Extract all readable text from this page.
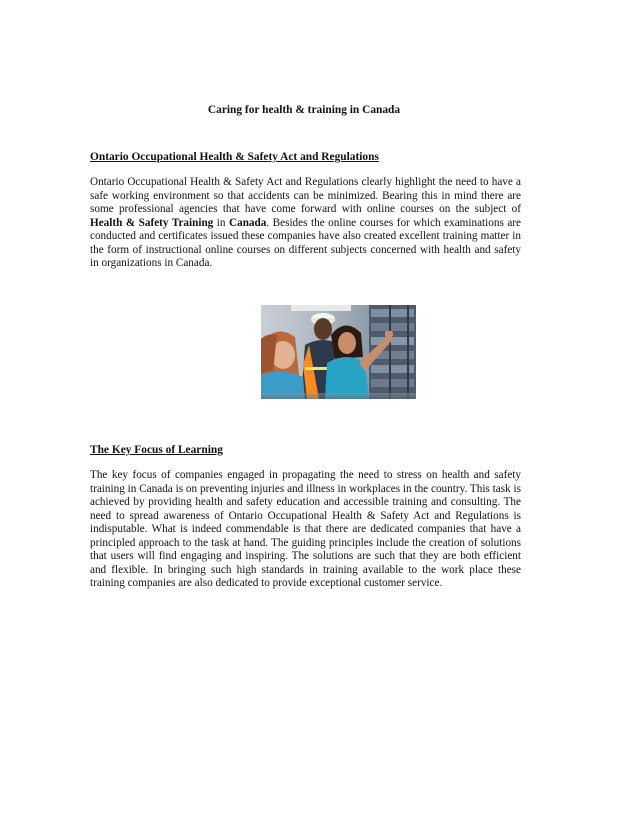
Caring for health & training in Canada
Ontario Occupational Health & Safety Act and Regulations

Ontario Occupational Health & Safety Act and Regulations clearly highlight the need to have a safe working environment so that accidents can be minimized. Bearing this in mind there are some professional agencies that have come forward with online courses on the subject of Health & Safety Training in Canada. Besides the online courses for which examinations are conducted and certificates issued these companies have also created excellent training matter in the form of instructional online courses on different subjects concerned with health and safety in organizations in Canada.

The Key Focus of Learning

The key focus of companies engaged in propagating the need to stress on health and safety training in Canada is on preventing injuries and illness in workplaces in the country. This task is achieved by providing health and safety education and accessible training and consulting. The need to spread awareness of Ontario Occupational Health & Safety Act and Regulations is indisputable. What is indeed commendable is that there are dedicated companies that have a principled approach to the task at hand. The guiding principles include the creation of solutions that users will find engaging and inspiring. The solutions are such that they are both efficient and flexible. In bringing such high standards in training available to the work place these training companies are also dedicated to provide exceptional customer service.
